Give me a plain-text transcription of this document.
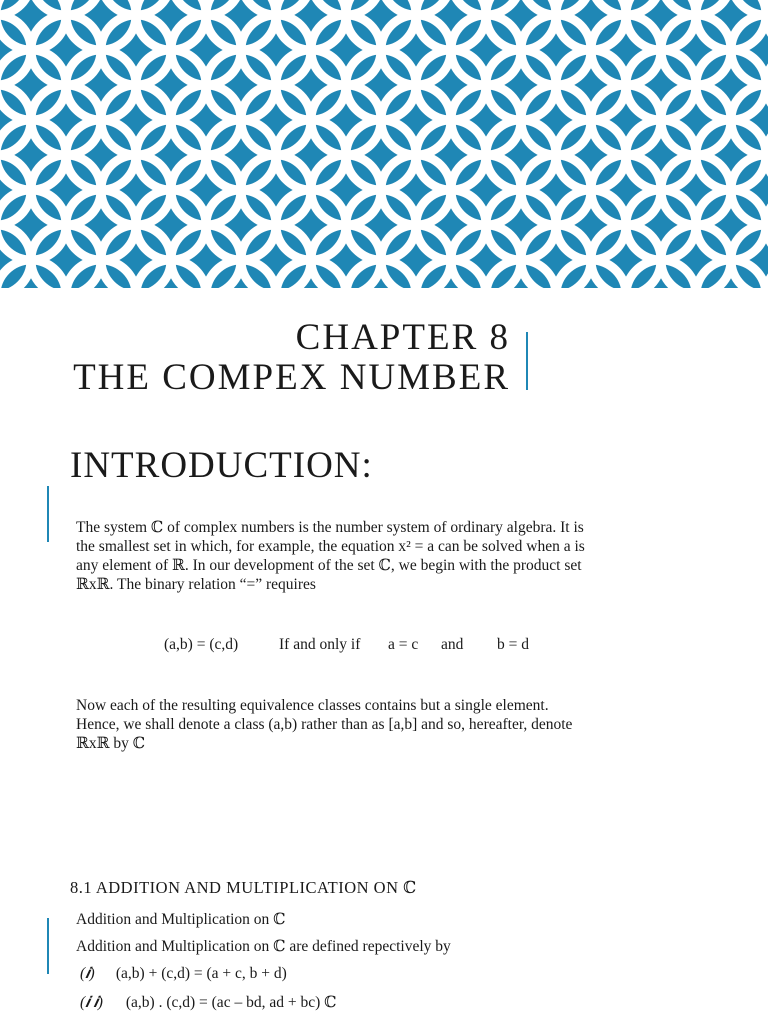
CHAPTER 8
THE COMPEX NUMBER
INTRODUCTION:

The system ℂ of complex numbers is the number system of ordinary algebra. It is

the smallest set in which, for example, the equation x² = a can be solved when a is

any element of ℝ. In our development of the set ℂ, we begin with the product set

ℝxℝ. The binary relation “=” requires

(a,b) = (c,d)	If and only if a = c and b = d

Now each of the resulting equivalence classes contains but a single element.

Hence, we shall denote a class (a,b) rather than as [a,b] and so, hereafter, denote

ℝxℝ by ℂ

8.1 ADDITION AND MULTIPLICATION ON ℂ
Addition and Multiplication on ℂ
Addition and Multiplication on ℂ are defined repectively by
(𝒊) (a,b) + (c,d) = (a + c, b + d)
(𝒊 𝒊) (a,b) . (c,d) = (ac – bd, ad + bc) ℂ
